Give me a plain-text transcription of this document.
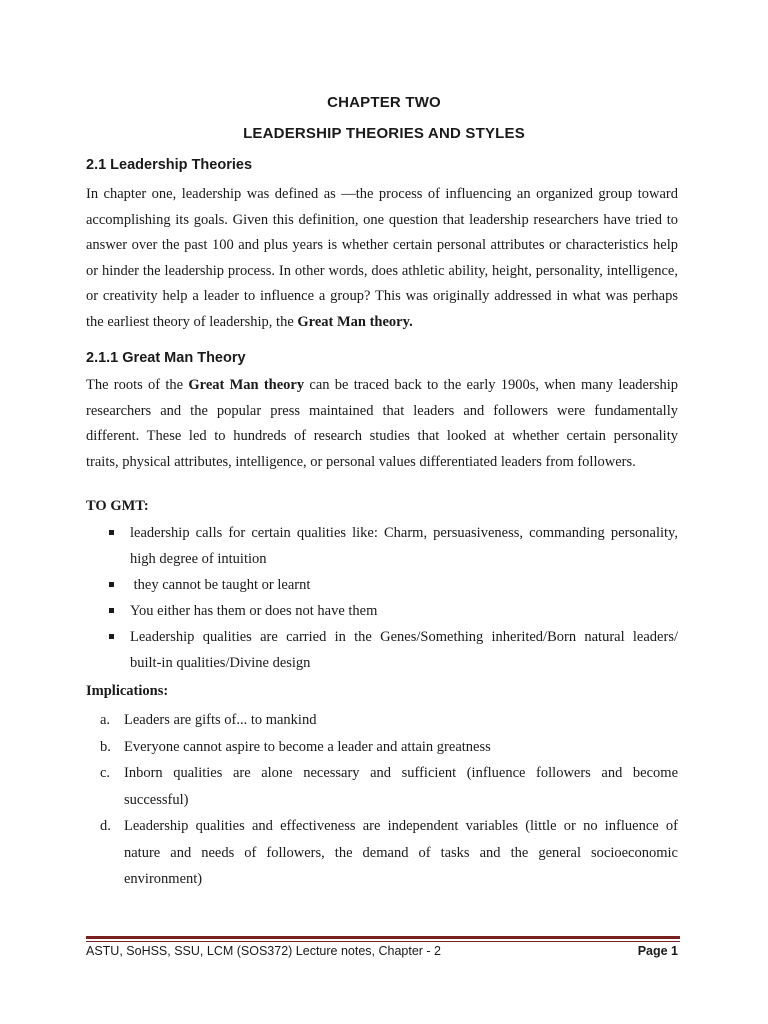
CHAPTER TWO
LEADERSHIP THEORIES AND STYLES
2.1 Leadership Theories
In chapter one, leadership was defined as —the process of influencing an organized group toward
accomplishing its goals. Given this definition, one question that leadership researchers have tried to
answer over the past 100 and plus years is whether certain personal attributes or characteristics help
or hinder the leadership process. In other words, does athletic ability, height, personality, intelligence,
or creativity help a leader to influence a group? This was originally addressed in what was perhaps
the earliest theory of leadership, the Great Man theory.
2.1.1 Great Man Theory
The roots of the Great Man theory can be traced back to the early 1900s, when many leadership
researchers and the popular press maintained that leaders and followers were fundamentally
different. These led to hundreds of research studies that looked at whether certain personality
traits, physical attributes, intelligence, or personal values differentiated leaders from followers.
TO GMT:
leadership calls for certain qualities like: Charm, persuasiveness, commanding personality,
high degree of intuition
they cannot be taught or learnt
You either has them or does not have them
Leadership qualities are carried in the Genes/Something inherited/Born natural leaders/
built-in qualities/Divine design
Implications:
a. Leaders are gifts of... to mankind
b. Everyone cannot aspire to become a leader and attain greatness
c. Inborn qualities are alone necessary and sufficient (influence followers and become
successful)
d. Leadership qualities and effectiveness are independent variables (little or no influence of
nature and needs of followers, the demand of tasks and the general socioeconomic
environment)
ASTU, SoHSS, SSU, LCM (SOS372) Lecture notes, Chapter - 2	Page 1
